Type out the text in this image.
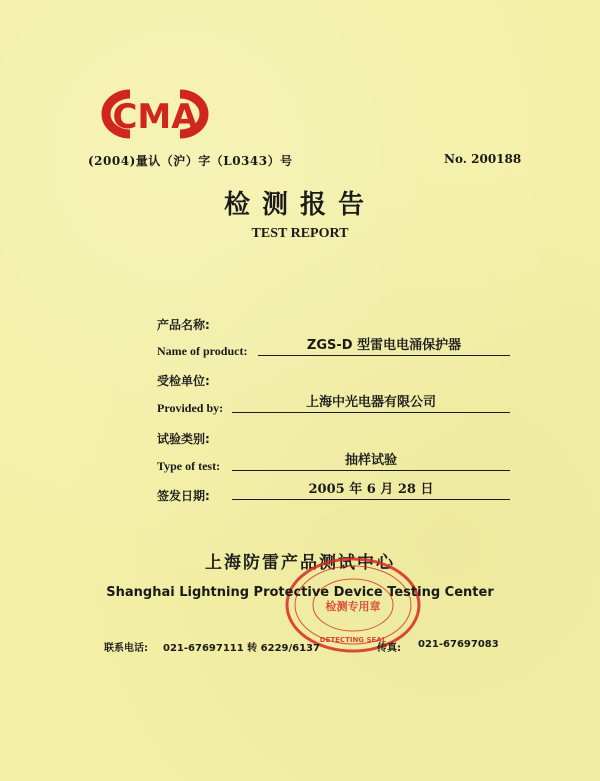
CMA
(2004)量认（沪）字（L0343）号	No. 200188
检测报告
TEST REPORT
产品名称:
Name of product:	ZGS-D 型雷电电涌保护器
受检单位:
Provided by:	上海中光电器有限公司
试验类别:
Type of test:	抽样试验
签发日期:	2005 年 6 月 28 日
上海防雷产品测试中心
检测专用章
DETECTING SEAL
Shanghai Lightning Protective Device Testing Center
联系电话: 021-67697111 转 6229/6137	传真: 021-67697083
